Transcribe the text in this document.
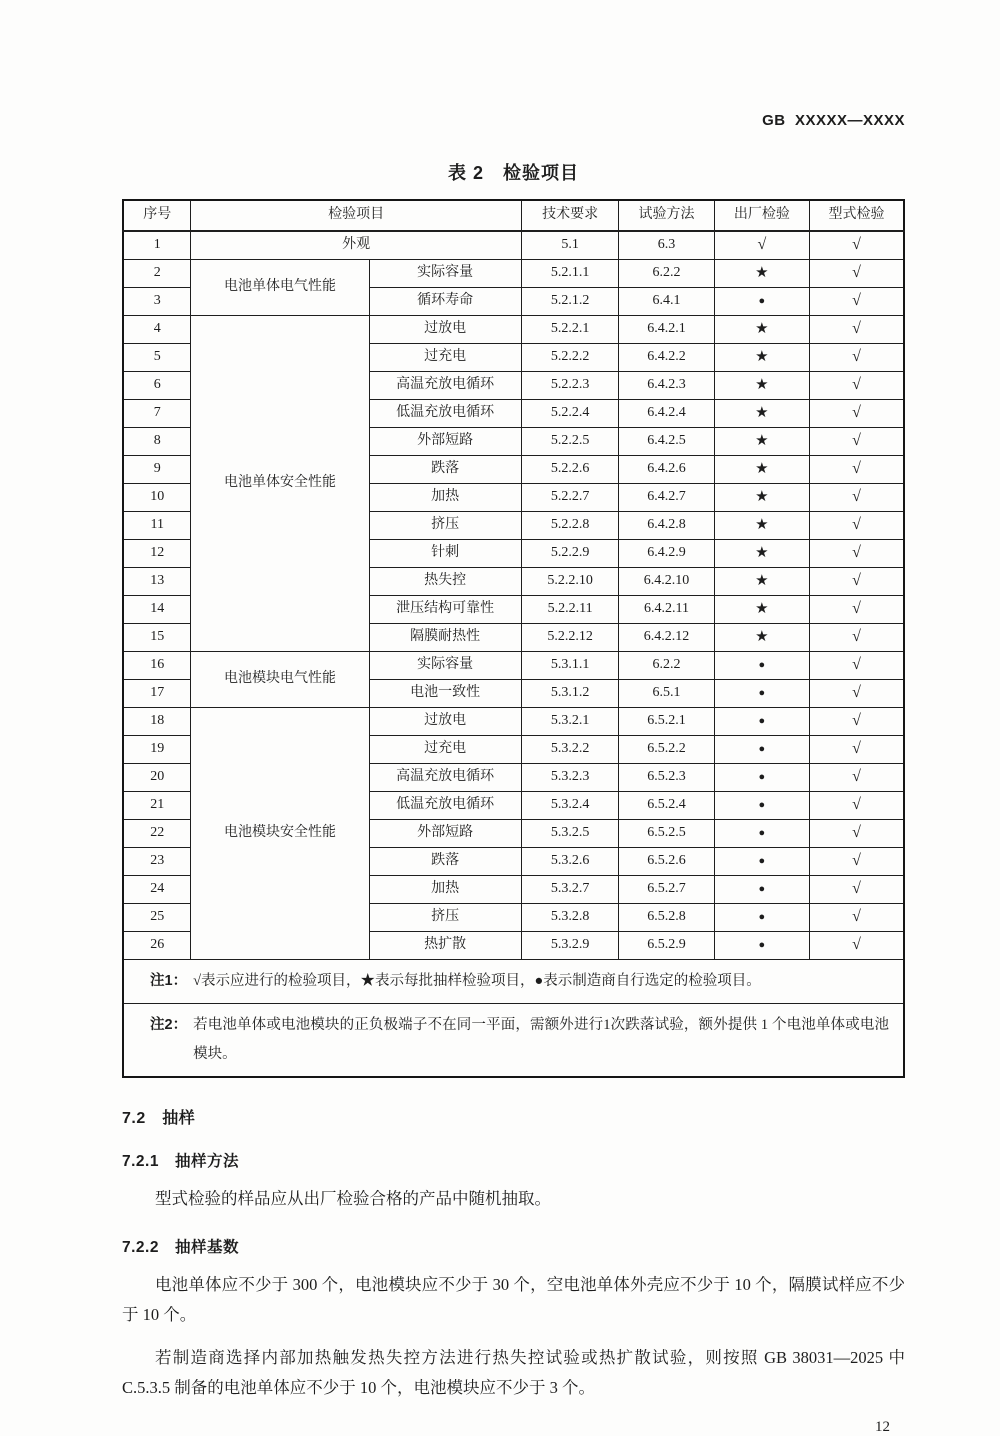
GB  XXXXX—XXXX
表 2　检验项目
序号	检验项目		技术要求	试验方法	出厂检验	型式检验
1	外观		5.1	6.3	√	√
2	电池单体电气性能	实际容量	5.2.1.1	6.2.2	★	√
3		循环寿命	5.2.1.2	6.4.1	●	√
4	电池单体安全性能	过放电	5.2.2.1	6.4.2.1	★	√
5		过充电	5.2.2.2	6.4.2.2	★	√
6		高温充放电循环	5.2.2.3	6.4.2.3	★	√
7		低温充放电循环	5.2.2.4	6.4.2.4	★	√
8		外部短路	5.2.2.5	6.4.2.5	★	√
9		跌落	5.2.2.6	6.4.2.6	★	√
10		加热	5.2.2.7	6.4.2.7	★	√
11		挤压	5.2.2.8	6.4.2.8	★	√
12		针刺	5.2.2.9	6.4.2.9	★	√
13		热失控	5.2.2.10	6.4.2.10	★	√
14		泄压结构可靠性	5.2.2.11	6.4.2.11	★	√
15		隔膜耐热性	5.2.2.12	6.4.2.12	★	√
16	电池模块电气性能	实际容量	5.3.1.1	6.2.2	●	√
17		电池一致性	5.3.1.2	6.5.1	●	√
18	电池模块安全性能	过放电	5.3.2.1	6.5.2.1	●	√
19		过充电	5.3.2.2	6.5.2.2	●	√
20		高温充放电循环	5.3.2.3	6.5.2.3	●	√
21		低温充放电循环	5.3.2.4	6.5.2.4	●	√
22		外部短路	5.3.2.5	6.5.2.5	●	√
23		跌落	5.3.2.6	6.5.2.6	●	√
24		加热	5.3.2.7	6.5.2.7	●	√
25		挤压	5.3.2.8	6.5.2.8	●	√
26		热扩散	5.3.2.9	6.5.2.9	●	√

注1： √表示应进行的检验项目，★表示每批抽样检验项目，●表示制造商自行选定的检验项目。						

注2： 若电池单体或电池模块的正负极端子不在同一平面，需额外进行1次跌落试验，额外提供 1 个电池单体或电池模块。						
7.2　抽样
7.2.1　抽样方法

型式检验的样品应从出厂检验合格的产品中随机抽取。

7.2.2　抽样基数

电池单体应不少于 300 个，电池模块应不少于 30 个，空电池单体外壳应不少于 10 个，隔膜试样应不少于 10 个。

若制造商选择内部加热触发热失控方法进行热失控试验或热扩散试验，则按照 GB 38031—2025 中 C.5.3.5 制备的电池单体应不少于 10 个，电池模块应不少于 3 个。

12
